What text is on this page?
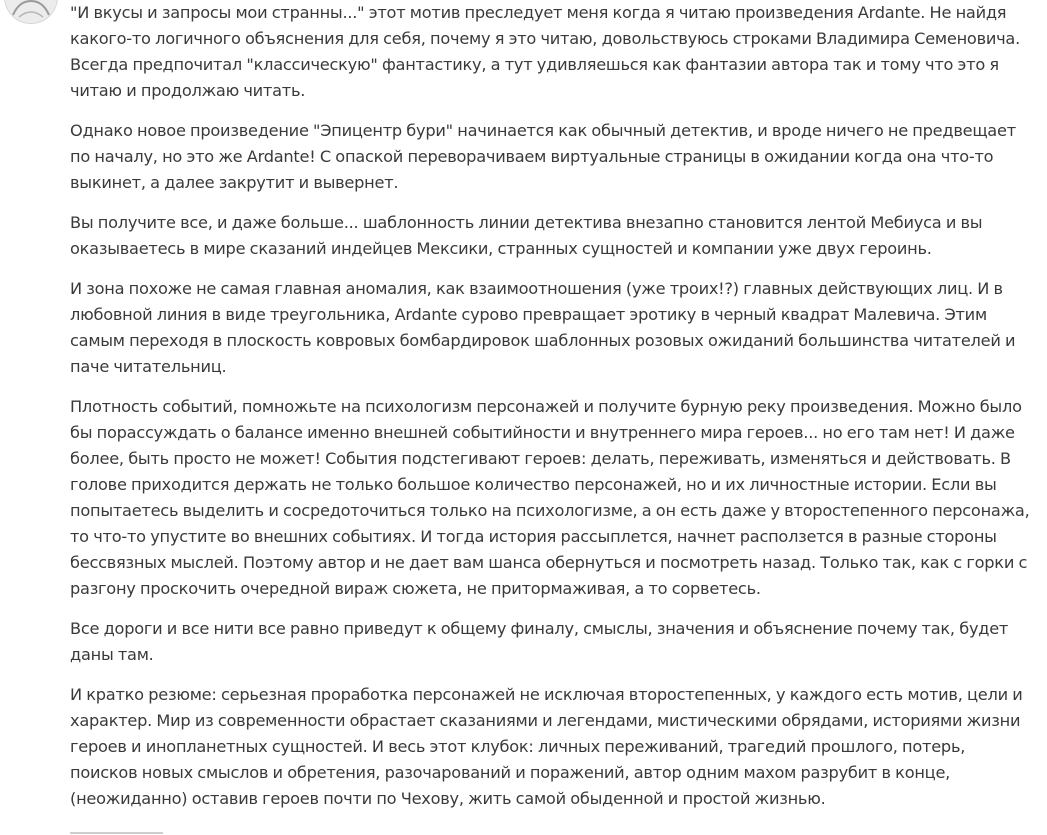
"И вкусы и запросы мои странны..." этот мотив преследует меня когда я читаю произведения Ardante. Не найдя какого-то логичного объяснения для себя, почему я это читаю, довольствуюсь строками Владимира Семеновича. Всегда предпочитал "классическую" фантастику, а тут удивляешься как фантазии автора так и тому что это я читаю и продолжаю читать.

Однако новое произведение "Эпицентр бури" начинается как обычный детектив, и вроде ничего не предвещает по началу, но это же Ardante! С опаской переворачиваем виртуальные страницы в ожидании когда она что-то выкинет, а далее закрутит и вывернет.

Вы получите все, и даже больше... шаблонность линии детектива внезапно становится лентой Мебиуса и вы оказываетесь в мире сказаний индейцев Мексики, странных сущностей и компании уже двух героинь.

И зона похоже не самая главная аномалия, как взаимоотношения (уже троих!?) главных действующих лиц. И в любовной линия в виде треугольника, Ardante сурово превращает эротику в черный квадрат Малевича. Этим самым переходя в плоскость ковровых бомбардировок шаблонных розовых ожиданий большинства читателей и паче читательниц.

Плотность событий, помножьте на психологизм персонажей и получите бурную реку произведения. Можно было бы порассуждать о балансе именно внешней событийности и внутреннего мира героев... но его там нет! И даже более, быть просто не может! События подстегивают героев: делать, переживать, изменяться и действовать. В голове приходится держать не только большое количество персонажей, но и их личностные истории. Если вы попытаетесь выделить и сосредоточиться только на психологизме, а он есть даже у второстепенного персонажа, то что-то упустите во внешних событиях. И тогда история рассыплется, начнет расползется в разные стороны бессвязных мыслей. Поэтому автор и не дает вам шанса обернуться и посмотреть назад. Только так, как с горки с разгону проскочить очередной вираж сюжета, не притормаживая, а то сорветесь.

Все дороги и все нити все равно приведут к общему финалу, смыслы, значения и объяснение почему так, будет даны там.

И кратко резюме: серьезная проработка персонажей не исключая второстепенных, у каждого есть мотив, цели и характер. Мир из современности обрастает сказаниями и легендами, мистическими обрядами, историями жизни героев и инопланетных сущностей. И весь этот клубок: личных переживаний, трагедий прошлого, потерь, поисков новых смыслов и обретения, разочарований и поражений, автор одним махом разрубит в конце, (неожиданно) оставив героев почти по Чехову, жить самой обыденной и простой жизнью.
